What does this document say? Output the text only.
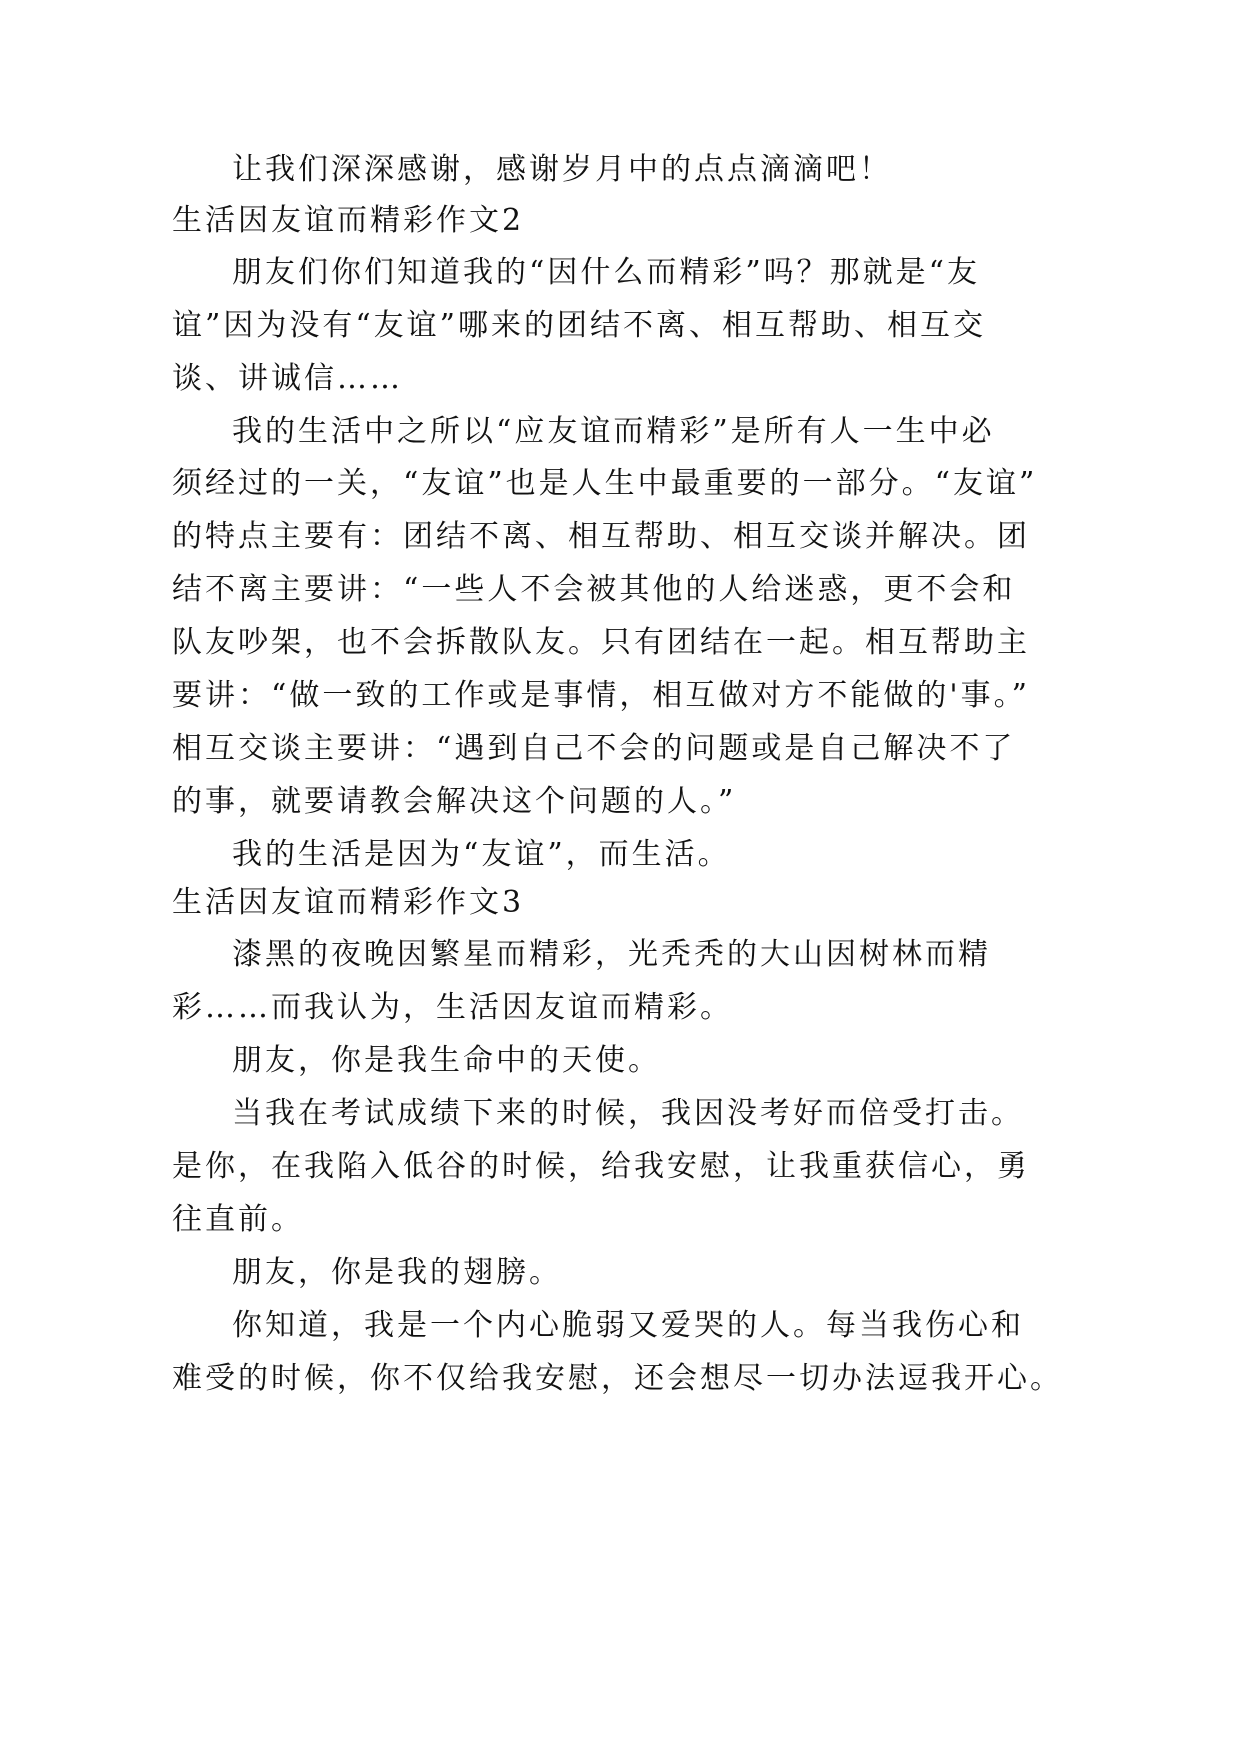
让我们深深感谢，感谢岁月中的点点滴滴吧！
生活因友谊而精彩作文2
朋友们你们知道我的“因什么而精彩”吗？那就是“友
谊”因为没有“友谊”哪来的团结不离、相互帮助、相互交
谈、讲诚信……
我的生活中之所以“应友谊而精彩”是所有人一生中必
须经过的一关，“友谊”也是人生中最重要的一部分。“友谊”
的特点主要有：团结不离、相互帮助、相互交谈并解决。团
结不离主要讲：“一些人不会被其他的人给迷惑，更不会和
队友吵架，也不会拆散队友。只有团结在一起。相互帮助主
要讲：“做一致的工作或是事情，相互做对方不能做的'事。”
相互交谈主要讲：“遇到自己不会的问题或是自己解决不了
的事，就要请教会解决这个问题的人。”
我的生活是因为“友谊”，而生活。
生活因友谊而精彩作文3
漆黑的夜晚因繁星而精彩，光秃秃的大山因树林而精
彩……而我认为，生活因友谊而精彩。
朋友，你是我生命中的天使。
当我在考试成绩下来的时候，我因没考好而倍受打击。
是你，在我陷入低谷的时候，给我安慰，让我重获信心，勇
往直前。
朋友，你是我的翅膀。
你知道，我是一个内心脆弱又爱哭的人。每当我伤心和
难受的时候，你不仅给我安慰，还会想尽一切办法逗我开心。
